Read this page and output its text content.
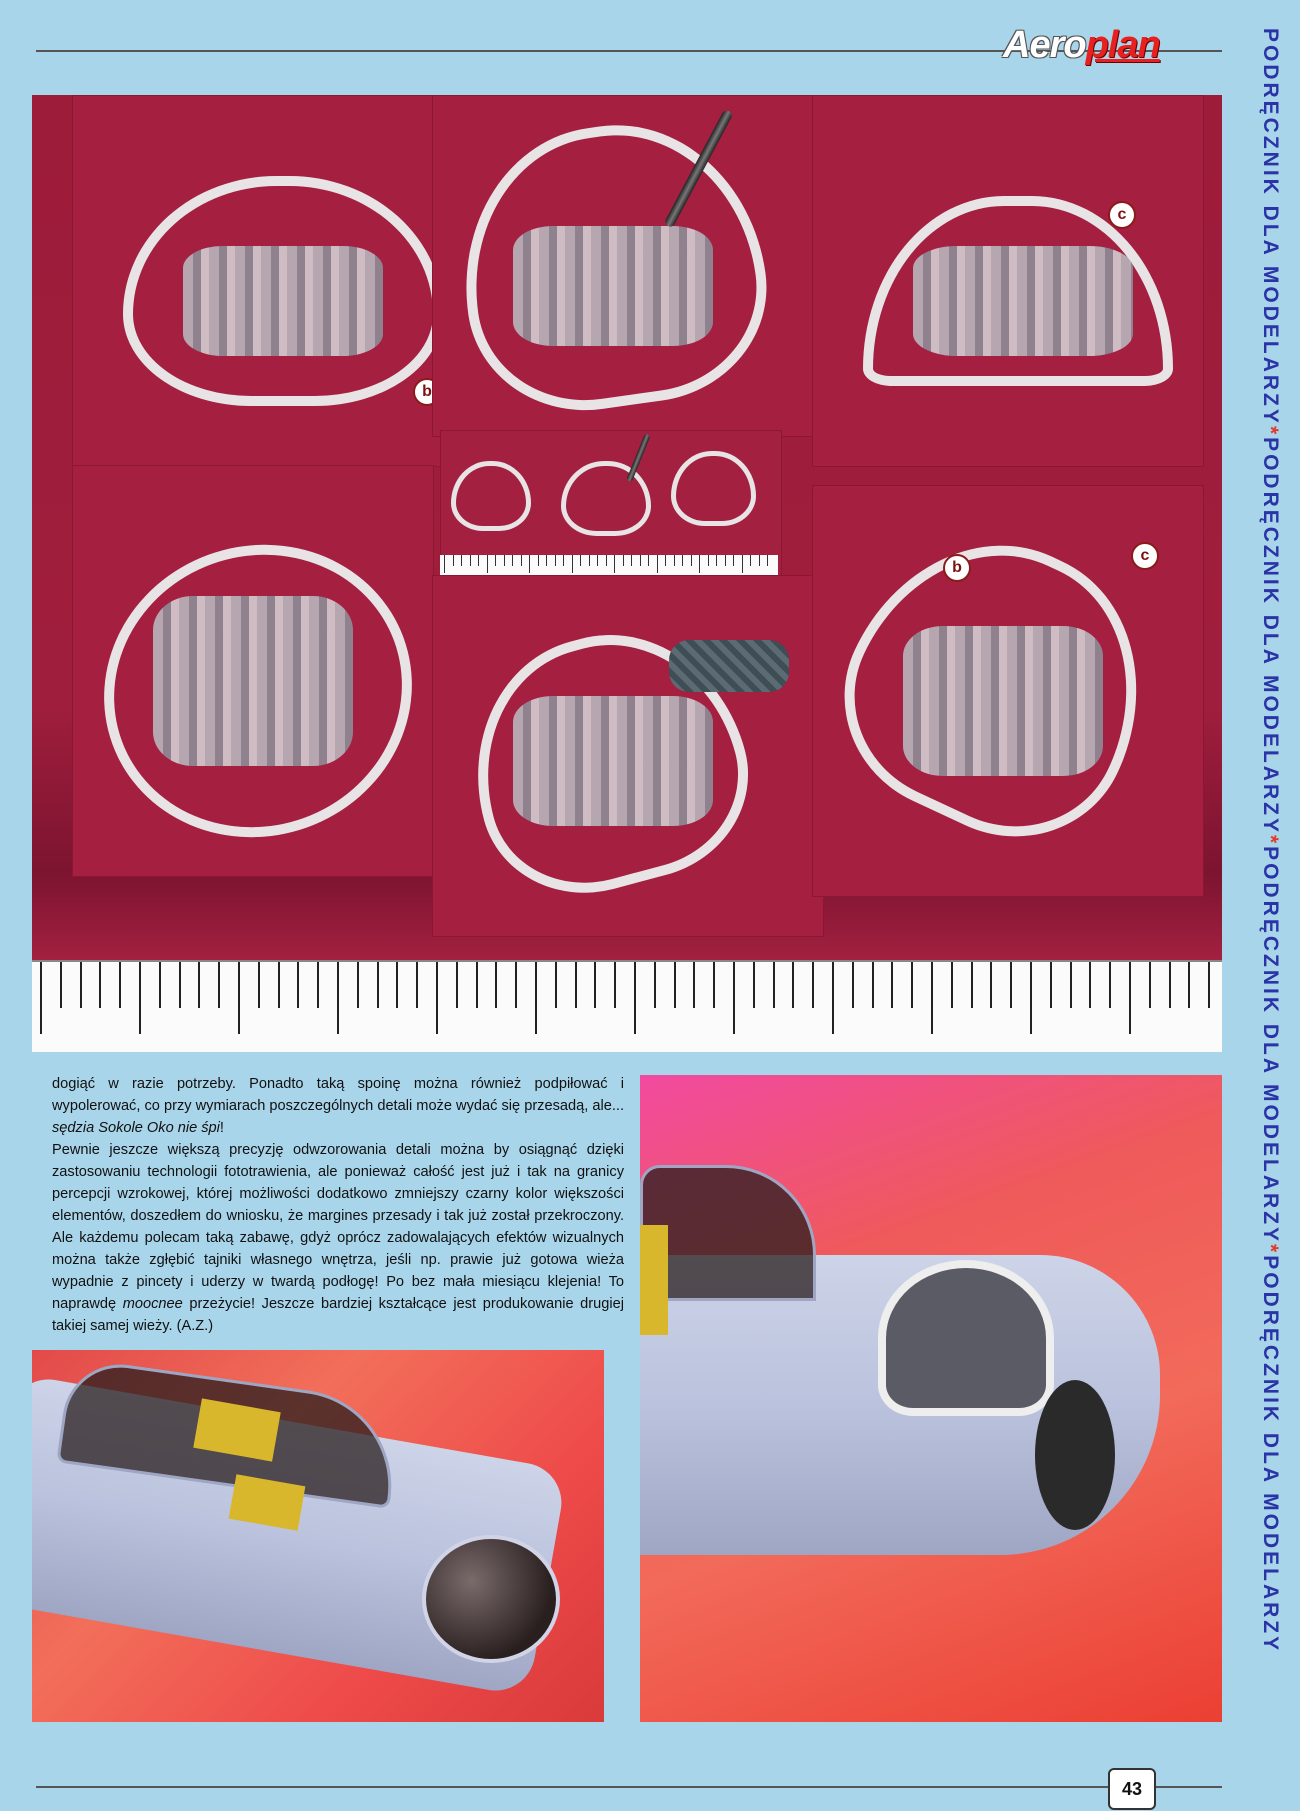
Aeroplan	PODRĘCZNIK DLA MODELARZY*PODRĘCZNIK DLA MODELARZY*PODRĘCZNIK DLA MODELARZY*PODRĘCZNIK DLA MODELARZY
b
c
b
c

dogiąć w razie potrzeby. Ponadto taką spoinę można również podpiłować i wypolerować, co przy wymiarach poszczególnych detali może wydać się przesadą, ale... sędzia Sokole Oko nie śpi!

Pewnie jeszcze większą precyzję odwzorowania detali można by osiągnąć dzięki zastosowaniu technologii fototrawienia, ale ponieważ całość jest już i tak na granicy percepcji wzrokowej, której możliwości dodatkowo zmniejszy czarny kolor większości elementów, doszedłem do wniosku, że margines przesady i tak już został przekroczony. Ale każdemu polecam taką zabawę, gdyż oprócz zadowalających efektów wizualnych można także zgłębić tajniki własnego wnętrza, jeśli np. prawie już gotowa wieża wypadnie z pincety i uderzy w twardą podłogę! Po bez mała miesiącu klejenia! To naprawdę moocnee przeżycie! Jeszcze bardziej kształcące jest produkowanie drugiej takiej samej wieży. (A.Z.)

43
